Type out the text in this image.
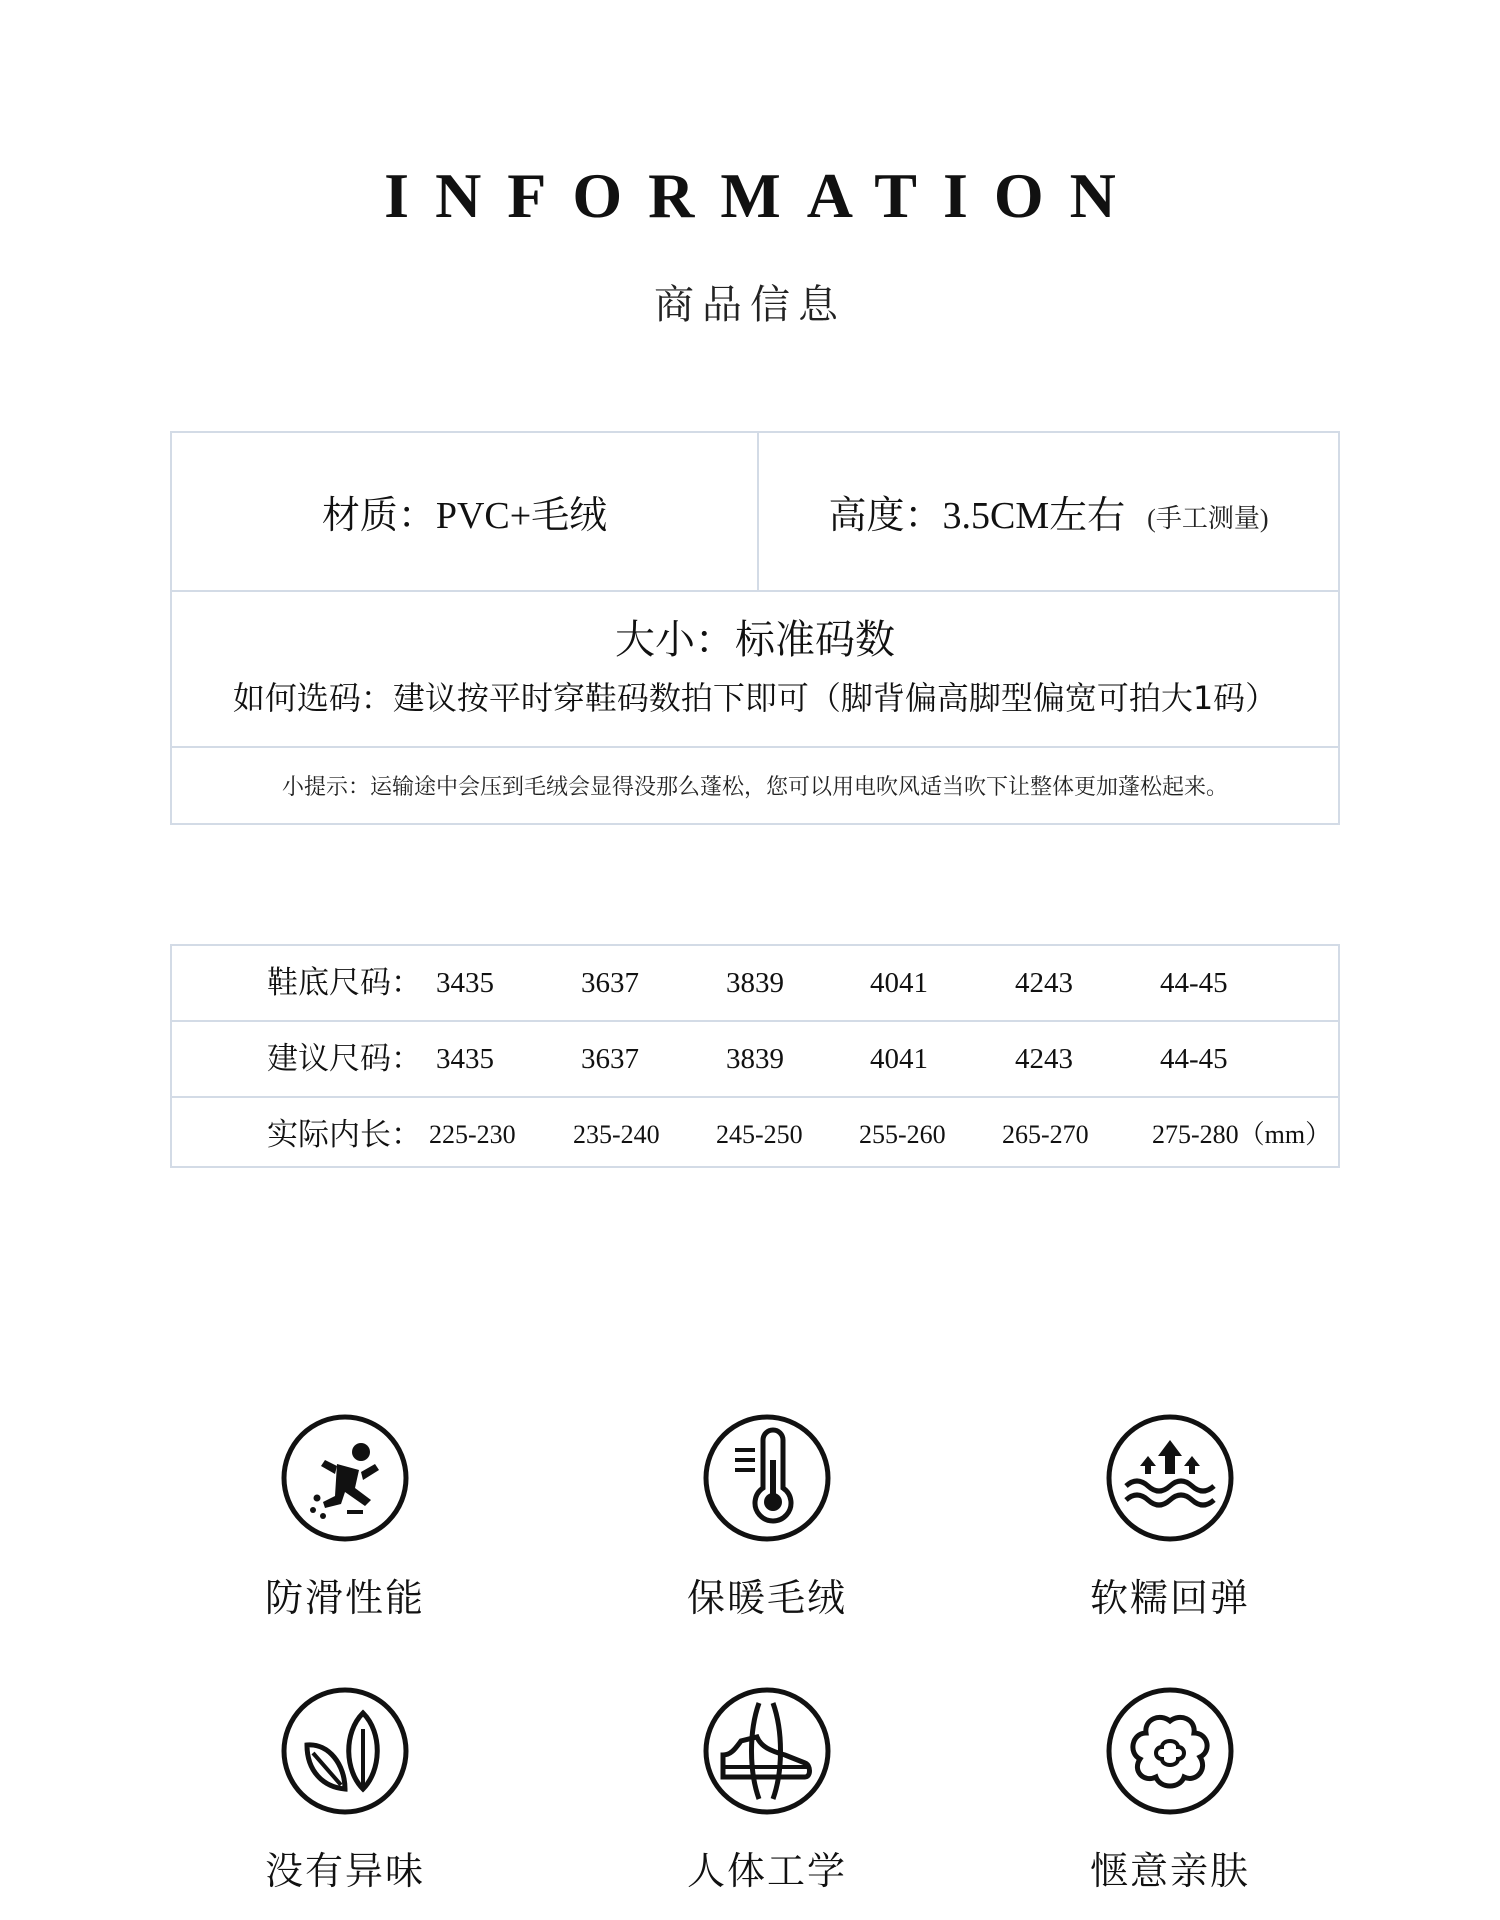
INFORMATION
商品信息
材质：PVC+毛绒	高度：3.5CM左右 (手工测量)
大小：标准码数
如何选码：建议按平时穿鞋码数拍下即可（脚背偏高脚型偏宽可拍大1码）
小提示：运输途中会压到毛绒会显得没那么蓬松，您可以用电吹风适当吹下让整体更加蓬松起来。
鞋底尺码： 3435	3637	3839	4041	4243	44-45
建议尺码： 3435	3637	3839	4041	4243	44-45
实际内长： 225-230 235-240 245-250 255-260 265-270 275-280（mm）
防滑性能	保暖毛绒	软糯回弹
没有异味	人体工学	惬意亲肤
